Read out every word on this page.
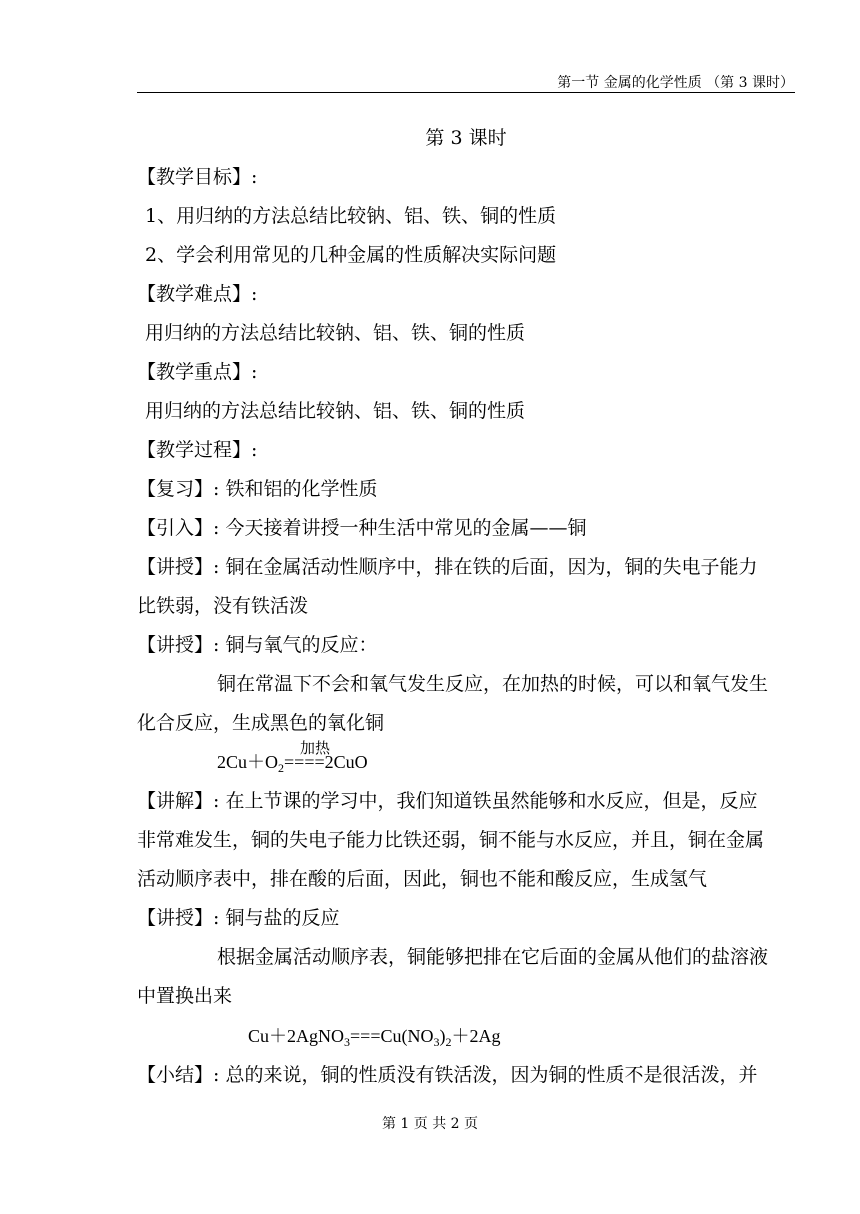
第一节 金属的化学性质 （第 3 课时）
第 3 课时
【教学目标】:
1、用归纳的方法总结比较钠、铝、铁、铜的性质
2、学会利用常见的几种金属的性质解决实际问题
【教学难点】:
用归纳的方法总结比较钠、铝、铁、铜的性质
【教学重点】:
用归纳的方法总结比较钠、铝、铁、铜的性质
【教学过程】:
【复习】: 铁和铝的化学性质
【引入】: 今天接着讲授一种生活中常见的金属——铜
【讲授】: 铜在金属活动性顺序中，排在铁的后面，因为，铜的失电子能力
比铁弱，没有铁活泼
【讲授】: 铜与氧气的反应：
铜在常温下不会和氧气发生反应，在加热的时候，可以和氧气发生
化合反应，生成黑色的氧化铜
加热
$2Cu+O_2====2CuO$
【讲解】: 在上节课的学习中，我们知道铁虽然能够和水反应，但是，反应
非常难发生，铜的失电子能力比铁还弱，铜不能与水反应，并且，铜在金属
活动顺序表中，排在酸的后面，因此，铜也不能和酸反应，生成氢气
【讲授】: 铜与盐的反应
根据金属活动顺序表，铜能够把排在它后面的金属从他们的盐溶液
中置换出来
$Cu+2AgNO_3===Cu(NO_3)_2+2Ag$
【小结】: 总的来说，铜的性质没有铁活泼，因为铜的性质不是很活泼，并
第 1 页 共 2 页
